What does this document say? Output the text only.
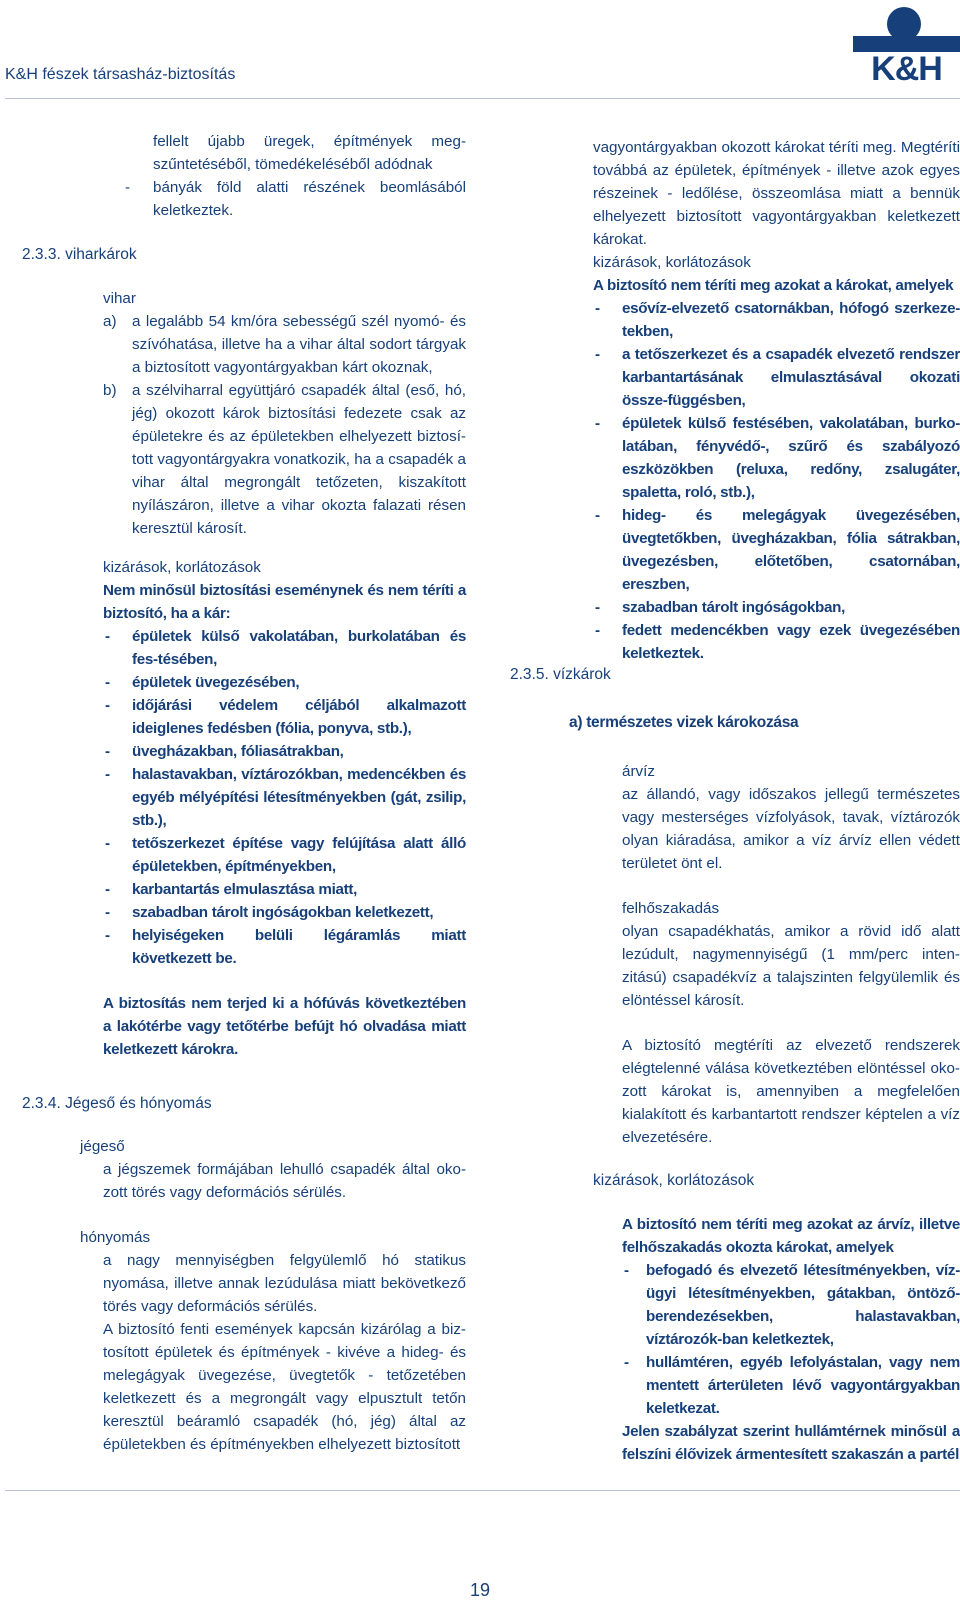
K&H fészek társasház-biztosítás	K&H

fellelt újabb üregek, építmények meg-szűntetéséből, tömedékeléséből adódnak

- bányák föld alatti részének beomlásából keletkeztek.

2.3.3. viharkárok

vihar

a) a legalább 54 km/óra sebességű szél nyomó- és szívóhatása, illetve ha a vihar által sodort tárgyak a biztosított vagyontárgyakban kárt okoznak,

b) a szélviharral együttjáró csapadék által (eső, hó, jég) okozott károk biztosítási fedezete csak az épületekre és az épületekben elhelyezett biztosí-tott vagyontárgyakra vonatkozik, ha a csapadék a vihar által megrongált tetőzeten, kiszakított nyílászáron, illetve a vihar okozta falazati résen keresztül károsít.

kizárások, korlátozások

Nem minősül biztosítási eseménynek és nem téríti a biztosító, ha a kár:

- épületek külső vakolatában, burkolatában és fes-tésében,

- épületek üvegezésében,

- időjárási védelem céljából alkalmazott ideiglenes fedésben (fólia, ponyva, stb.),

- üvegházakban, fóliasátrakban,

- halastavakban, víztározókban, medencékben és egyéb mélyépítési létesítményekben (gát, zsilip, stb.),

- tetőszerkezet építése vagy felújítása alatt álló épületekben, építményekben,

- karbantartás elmulasztása miatt,

- szabadban tárolt ingóságokban keletkezett,

- helyiségeken belüli légáramlás miatt következett be.

A biztosítás nem terjed ki a hófúvás következtében a lakótérbe vagy tetőtérbe befújt hó olvadása miatt keletkezett károkra.

2.3.4. Jégeső és hónyomás

jégeső

a jégszemek formájában lehulló csapadék által oko-zott törés vagy deformációs sérülés.

hónyomás

a nagy mennyiségben felgyülemlő hó statikus nyomása, illetve annak lezúdulása miatt bekövetkező törés vagy deformációs sérülés.

A biztosító fenti események kapcsán kizárólag a biz-tosított épületek és építmények - kivéve a hideg- és melegágyak üvegezése, üvegtetők - tetőzetében keletkezett és a megrongált vagy elpusztult tetőn keresztül beáramló csapadék (hó, jég) által az épületekben és építményekben elhelyezett biztosított

vagyontárgyakban okozott károkat téríti meg. Megtéríti továbbá az épületek, építmények - illetve azok egyes részeinek - ledőlése, összeomlása miatt a bennük elhelyezett biztosított vagyontárgyakban keletkezett károkat.

kizárások, korlátozások

A biztosító nem téríti meg azokat a károkat, amelyek

- esővíz-elvezető csatornákban, hófogó szerkeze-tekben,

- a tetőszerkezet és a csapadék elvezető rendszer karbantartásának elmulasztásával okozati össze-függésben,

- épületek külső festésében, vakolatában, burko-latában, fényvédő-, szűrő és szabályozó eszközökben (reluxa, redőny, zsalugáter, spaletta, roló, stb.),

- hideg- és melegágyak üvegezésében, üvegtetőkben, üvegházakban, fólia sátrakban, üvegezésben, előtetőben, csatornában, ereszben,

- szabadban tárolt ingóságokban,

- fedett medencékben vagy ezek üvegezésében keletkeztek.

2.3.5. vízkárok
a) természetes vizek károkozása

árvíz

az állandó, vagy időszakos jellegű természetes vagy mesterséges vízfolyások, tavak, víztározók olyan kiáradása, amikor a víz árvíz ellen védett területet önt el.

felhőszakadás

olyan csapadékhatás, amikor a rövid idő alatt lezúdult, nagymennyiségű (1 mm/perc inten-zitású) csapadékvíz a talajszinten felgyülemlik és elöntéssel károsít.

A biztosító megtéríti az elvezető rendszerek elégtelenné válása következtében elöntéssel oko-zott károkat is, amennyiben a megfelelően kialakított és karbantartott rendszer képtelen a víz elvezetésére.

kizárások, korlátozások

A biztosító nem téríti meg azokat az árvíz, illetve felhőszakadás okozta károkat, amelyek

- befogadó és elvezető létesítményekben, víz-ügyi létesítményekben, gátakban, öntöző-berendezésekben, halastavakban, víztározók-ban keletkeztek,

- hullámtéren, egyéb lefolyástalan, vagy nem mentett árterületen lévő vagyontárgyakban keletkezat.

Jelen szabályzat szerint hullámtérnek minősül a felszíni élővizek ármentesített szakaszán a partél

19
